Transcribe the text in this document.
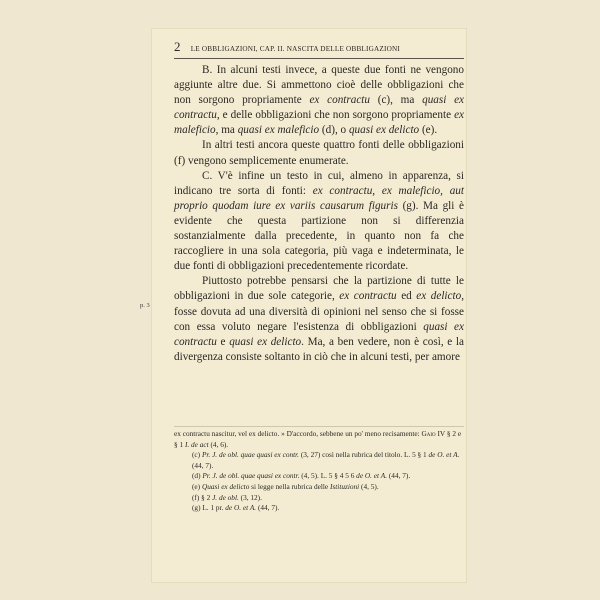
2 LE OBBLIGAZIONI, CAP. II. NASCITA DELLE OBBLIGAZIONI

B. In alcuni testi invece, a queste due fonti ne vengono aggiunte altre due. Si ammettono cioè delle obbligazioni che non sorgono propriamente ex contractu (c), ma quasi ex contractu, e delle obbligazioni che non sorgono propriamente ex maleficio, ma quasi ex maleficio (d), o quasi ex delicto (e).

In altri testi ancora queste quattro fonti delle obbligazioni (f) vengono semplicemente enumerate.

C. V'è infine un testo in cui, almeno in apparenza, si indicano tre sorta di fonti: ex contractu, ex maleficio, aut proprio quodam iure ex variis causarum figuris (g). Ma gli è evidente che questa partizione non si differenzia sostanzialmente dalla precedente, in quanto non fa che raccogliere in una sola categoria, più vaga e indeterminata, le due fonti di obbligazioni precedentemente ricordate.

Piuttosto potrebbe pensarsi che la partizione di tutte le obbligazioni in due sole categorie, ex contractu ed ex delicto, fosse dovuta ad una diversità di opinioni nel senso che si fosse con essa voluto negare l'esistenza di obbligazioni quasi ex contractu e quasi ex delicto. Ma, a ben vedere, non è così, e la divergenza consiste soltanto in ciò che in alcuni testi, per amore

p. 3
ex contractu nascitur, vel ex delicto. » D'accordo, sebbene un po' meno recisamente: Gaio IV § 2 e § 1 I. de act (4, 6).
(c) Pr. J. de obl. quae quasi ex contr. (3, 27) così nella rubrica del titolo. L. 5 § 1 de O. et A. (44, 7).
(d) Pr. J. de obl. quae quasi ex contr. (4, 5). L. 5 § 4 5 6 de O. et A. (44, 7).
(e) Quasi ex delicto si legge nella rubrica delle Istituzioni (4, 5).
(f) § 2 J. de obl. (3, 12).
(g) L. 1 pr. de O. et A. (44, 7).
